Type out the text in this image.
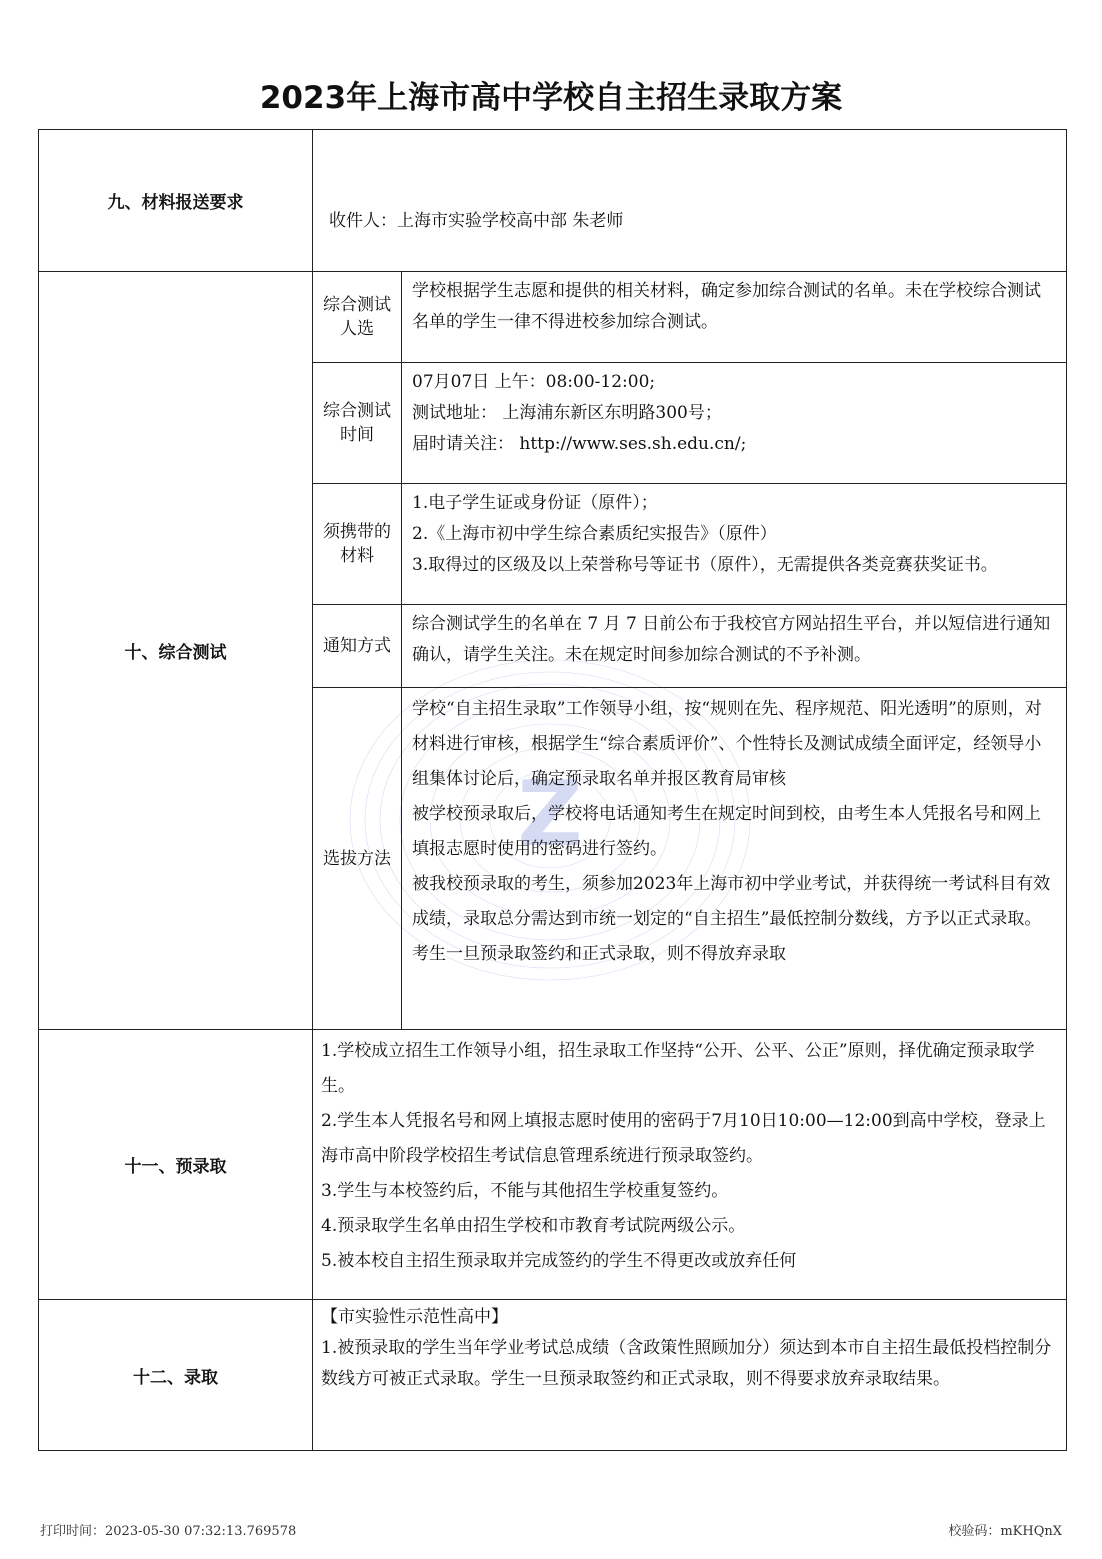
2023年上海市高中学校自主招生录取方案
Z
九、材料报送要求	收件人：上海市实验学校高中部 朱老师	

十、综合测试	综合测试人选	学校根据学生志愿和提供的相关材料，确定参加综合测试的名单。未在学校综合测试名单的学生一律不得进校参加综合测试。

	综合测试时间	07月07日 上午：08:00-12:00;

测试地址： 上海浦东新区东明路300号；

届时请关注： http://www.ses.sh.edu.cn/;

	须携带的材料	1.电子学生证或身份证（原件）；

2.《上海市初中学生综合素质纪实报告》（原件）

3.取得过的区级及以上荣誉称号等证书（原件），无需提供各类竞赛获奖证书。

	通知方式	综合测试学生的名单在 7 月 7 日前公布于我校官方网站招生平台，并以短信进行通知确认，请学生关注。未在规定时间参加综合测试的不予补测。

	选拔方法	学校“自主招生录取”工作领导小组，按“规则在先、程序规范、阳光透明”的原则，对材料进行审核，根据学生“综合素质评价”、个性特长及测试成绩全面评定，经领导小组集体讨论后，确定预录取名单并报区教育局审核

被学校预录取后，学校将电话通知考生在规定时间到校，由考生本人凭报名号和网上填报志愿时使用的密码进行签约。

被我校预录取的考生，须参加2023年上海市初中学业考试，并获得统一考试科目有效成绩，录取总分需达到市统一划定的“自主招生”最低控制分数线，方予以正式录取。

考生一旦预录取签约和正式录取，则不得放弃录取

十一、预录取	1.学校成立招生工作领导小组，招生录取工作坚持“公开、公平、公正”原则，择优确定预录取学生。

2.学生本人凭报名号和网上填报志愿时使用的密码于7月10日10:00—12:00到高中学校，登录上海市高中阶段学校招生考试信息管理系统进行预录取签约。

3.学生与本校签约后，不能与其他招生学校重复签约。

4.预录取学生名单由招生学校和市教育考试院两级公示。

5.被本校自主招生预录取并完成签约的学生不得更改或放弃任何	

十二、录取	【市实验性示范性高中】

1.被预录取的学生当年学业考试总成绩（含政策性照顾加分）须达到本市自主招生最低投档控制分数线方可被正式录取。学生一旦预录取签约和正式录取，则不得要求放弃录取结果。	

打印时间：2023-05-30 07:32:13.769578	校验码：mKHQnX
